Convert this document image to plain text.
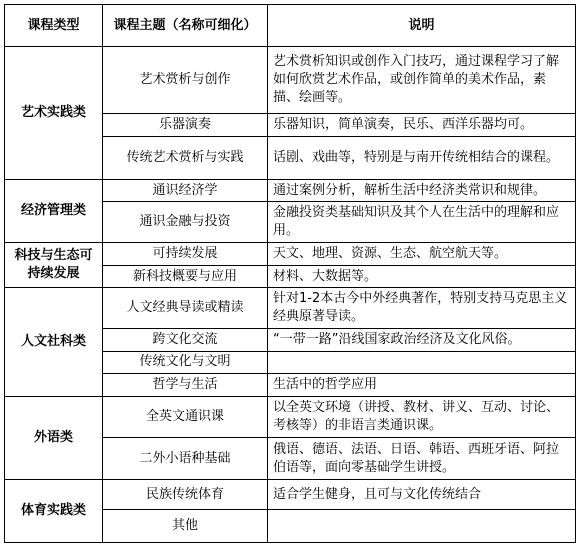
课程类型	课程主题（名称可细化）	说明
艺术实践类	艺术赏析与创作	艺术赏析知识或创作入门技巧，通过课程学习了解如何欣赏艺术作品，或创作简单的美术作品，素描、绘画等。
	乐器演奏	乐器知识，简单演奏，民乐、西洋乐器均可。
	传统艺术赏析与实践	话剧、戏曲等，特别是与南开传统相结合的课程。
经济管理类	通识经济学	通过案例分析，解析生活中经济类常识和规律。
	通识金融与投资	金融投资类基础知识及其个人在生活中的理解和应用。
科技与生态可持续发展	可持续发展	天文、地理、资源、生态、航空航天等。
	新科技概要与应用	材料、大数据等。
人文社科类	人文经典导读或精读	针对1-2本古今中外经典著作，特别支持马克思主义经典原著导读。
	跨文化交流	“一带一路”沿线国家政治经济及文化风俗。
	传统文化与文明	
	哲学与生活	生活中的哲学应用
外语类	全英文通识课	以全英文环境（讲授、教材、讲义、互动、讨论、考核等）的非语言类通识课。
	二外小语种基础	俄语、德语、法语、日语、韩语、西班牙语、阿拉伯语等，面向零基础学生讲授。
体育实践类	民族传统体育	适合学生健身，且可与文化传统结合
	其他	
